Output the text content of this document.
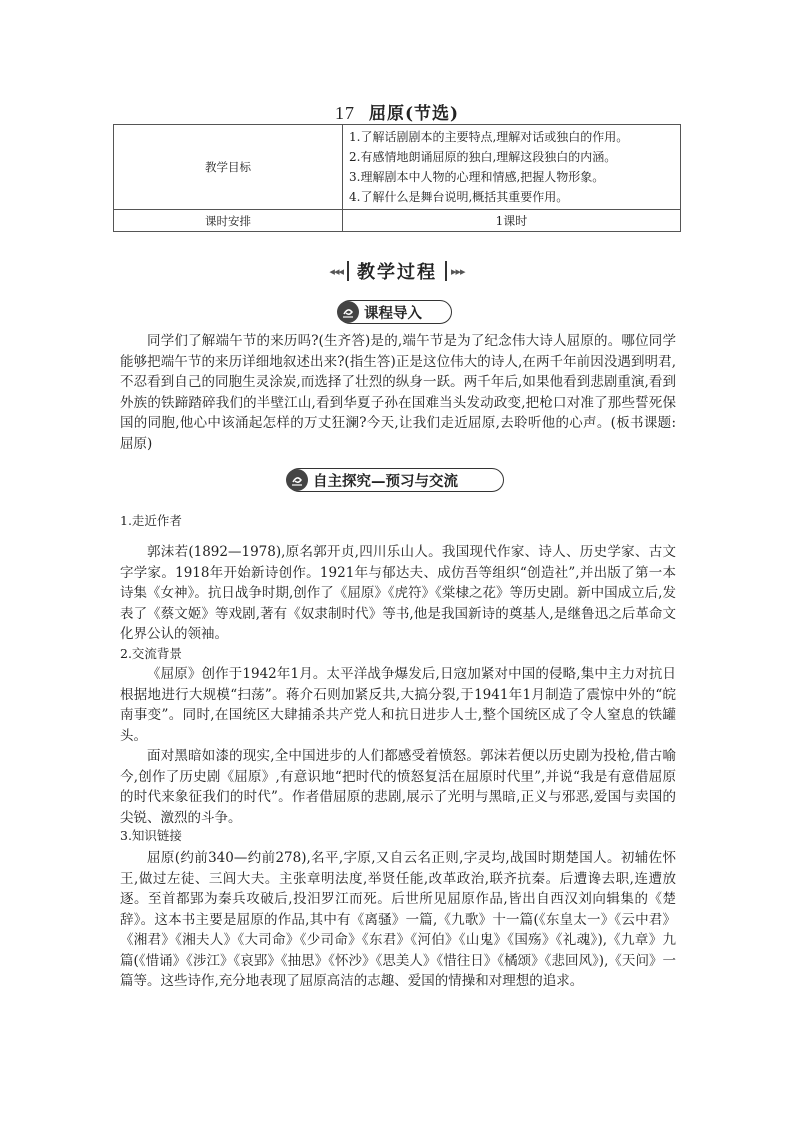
17 屈原(节选)
教学目标	1.了解话剧剧本的主要特点,理解对话或独白的作用。
2.有感情地朗诵屈原的独白,理解这段独白的内涵。
3.理解剧本中人物的心理和情感,把握人物形象。
4.了解什么是舞台说明,概括其重要作用。

课时安排	1课时
◂◂◂ 教学过程	▸▸▸
课程导入
同学们了解端午节的来历吗?(生齐答)是的,端午节是为了纪念伟大诗人屈原的。哪位同学能够把端午节的来历详细地叙述出来?(指生答)正是这位伟大的诗人,在两千年前因没遇到明君,不忍看到自己的同胞生灵涂炭,而选择了壮烈的纵身一跃。两千年后,如果他看到悲剧重演,看到外族的铁蹄踏碎我们的半壁江山,看到华夏子孙在国难当头发动政变,把枪口对准了那些誓死保国的同胞,他心中该涌起怎样的万丈狂澜?今天,让我们走近屈原,去聆听他的心声。(板书课题:屈原)
自主探究—预习与交流
1.走近作者
郭沫若(1892—1978),原名郭开贞,四川乐山人。我国现代作家、诗人、历史学家、古文字学家。1918年开始新诗创作。1921年与郁达夫、成仿吾等组织“创造社”,并出版了第一本诗集《女神》。抗日战争时期,创作了《屈原》《虎符》《棠棣之花》等历史剧。新中国成立后,发表了《蔡文姬》等戏剧,著有《奴隶制时代》等书,他是我国新诗的奠基人,是继鲁迅之后革命文化界公认的领袖。
2.交流背景
《屈原》创作于1942年1月。太平洋战争爆发后,日寇加紧对中国的侵略,集中主力对抗日根据地进行大规模“扫荡”。蒋介石则加紧反共,大搞分裂,于1941年1月制造了震惊中外的“皖南事变”。同时,在国统区大肆捕杀共产党人和抗日进步人士,整个国统区成了令人窒息的铁罐头。
面对黑暗如漆的现实,全中国进步的人们都感受着愤怒。郭沫若便以历史剧为投枪,借古喻今,创作了历史剧《屈原》,有意识地“把时代的愤怒复活在屈原时代里”,并说“我是有意借屈原的时代来象征我们的时代”。作者借屈原的悲剧,展示了光明与黑暗,正义与邪恶,爱国与卖国的尖锐、激烈的斗争。
3.知识链接
屈原(约前340—约前278),名平,字原,又自云名正则,字灵均,战国时期楚国人。初辅佐怀王,做过左徒、三闾大夫。主张章明法度,举贤任能,改革政治,联齐抗秦。后遭谗去职,连遭放逐。至首都郢为秦兵攻破后,投汨罗江而死。后世所见屈原作品,皆出自西汉刘向辑集的《楚辞》。这本书主要是屈原的作品,其中有《离骚》一篇,《九歌》十一篇(《东皇太一》《云中君》《湘君》《湘夫人》《大司命》《少司命》《东君》《河伯》《山鬼》《国殇》《礼魂》),《九章》九篇(《惜诵》《涉江》《哀郢》《抽思》《怀沙》《思美人》《惜往日》《橘颂》《悲回风》),《天问》一篇等。这些诗作,充分地表现了屈原高洁的志趣、爱国的情操和对理想的追求。
